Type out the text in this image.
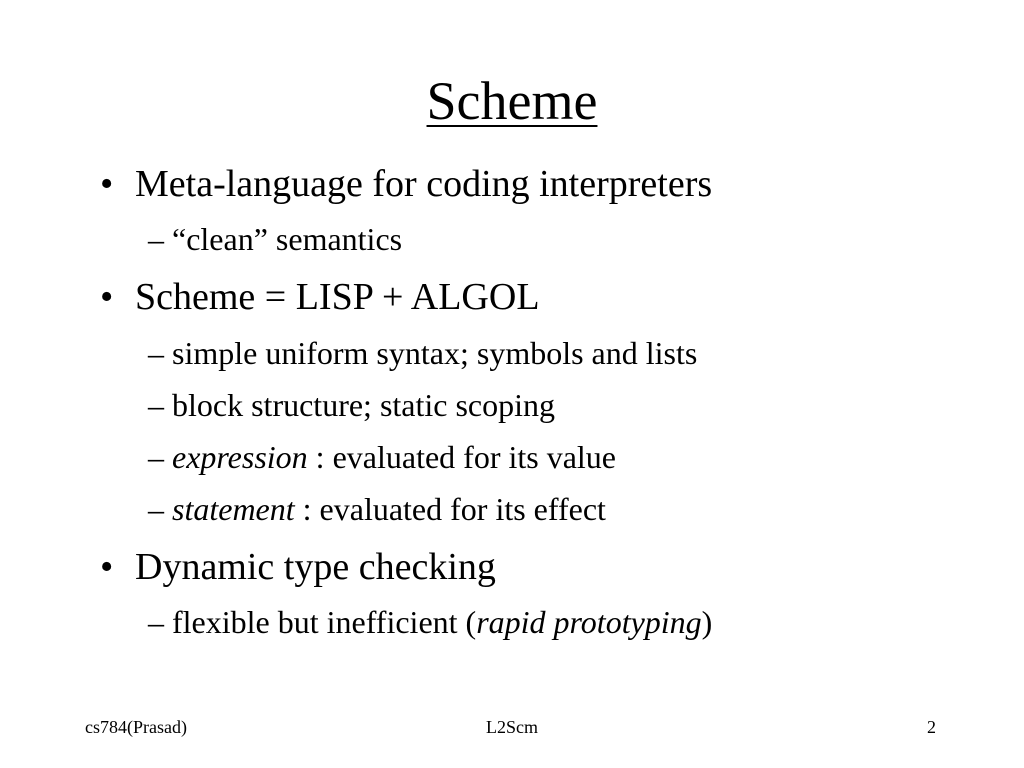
Scheme
• Meta-language for coding interpreters
– “clean” semantics
• Scheme = LISP + ALGOL
– simple uniform syntax; symbols and lists
– block structure; static scoping
– expression : evaluated for its value
– statement : evaluated for its effect
• Dynamic type checking
– flexible but inefficient (rapid prototyping)
cs784(Prasad)	L2Scm	2
